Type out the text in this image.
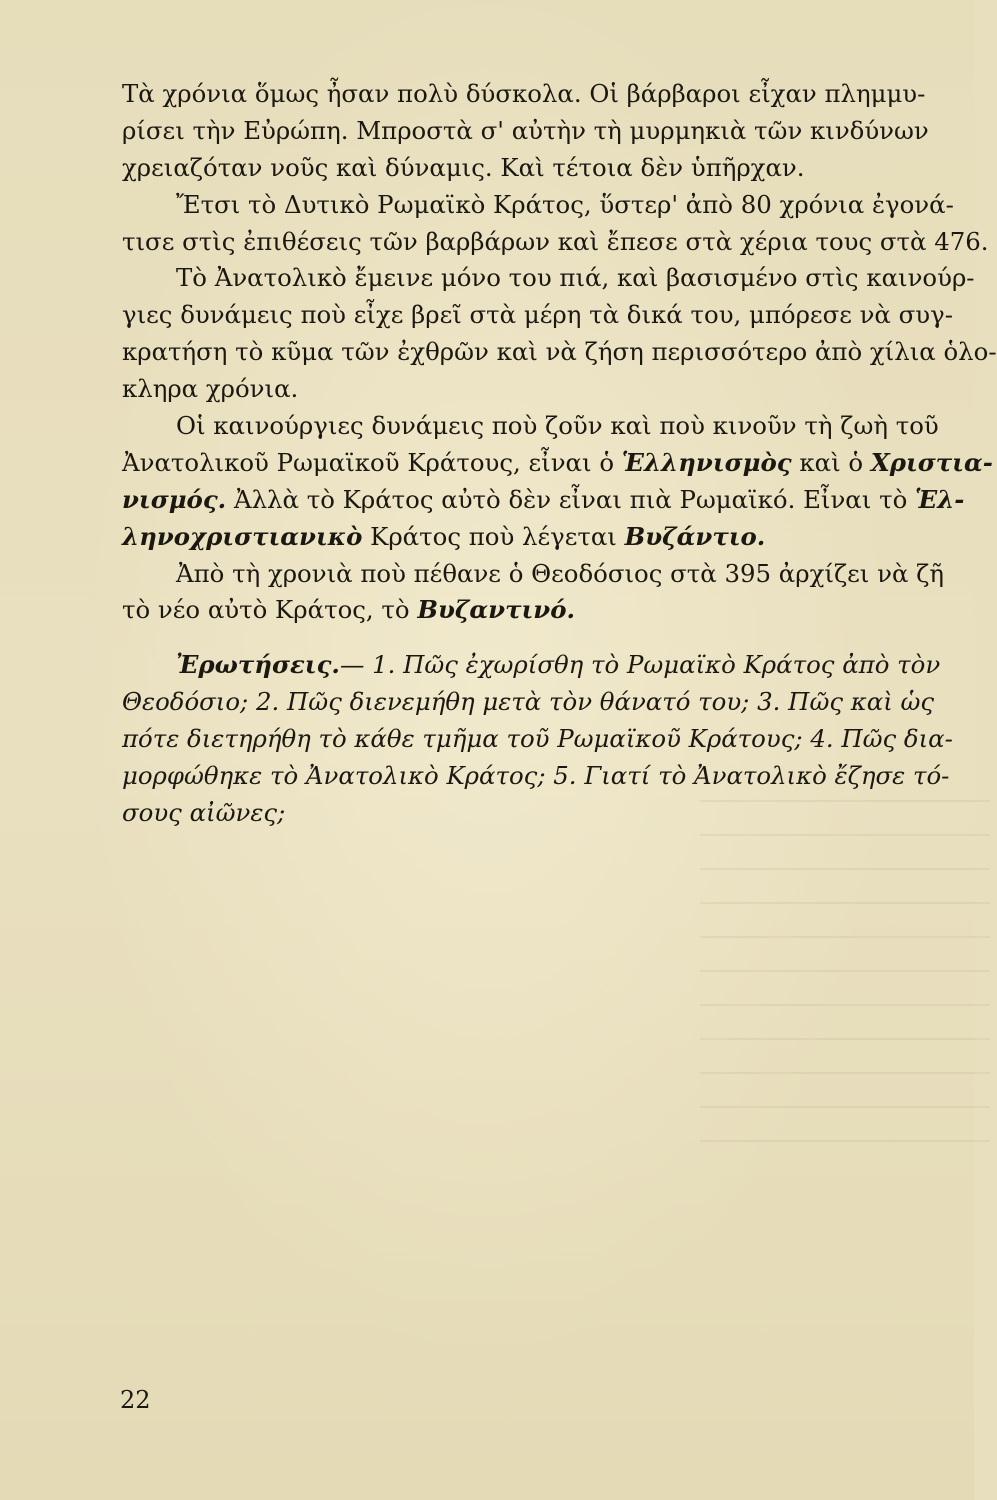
Τὰ χρόνια ὅμως ἦσαν πολὺ δύσκολα. Οἱ βάρβαροι εἶχαν πλημμυ-
ρίσει τὴν Εὐρώπη. Μπροστὰ σ' αὐτὴν τὴ μυρμηκιὰ τῶν κινδύνων
χρειαζόταν νοῦς καὶ δύναμις. Καὶ τέτοια δὲν ὑπῆρχαν.
Ἔτσι τὸ Δυτικὸ Ρωμαϊκὸ Κράτος, ὕστερ' ἀπὸ 80 χρόνια ἐγονά-
τισε στὶς ἐπιθέσεις τῶν βαρβάρων καὶ ἔπεσε στὰ χέρια τους στὰ 476.
Τὸ Ἀνατολικὸ ἔμεινε μόνο του πιά, καὶ βασισμένο στὶς καινούρ-
γιες δυνάμεις ποὺ εἶχε βρεῖ στὰ μέρη τὰ δικά του, μπόρεσε νὰ συγ-
κρατήση τὸ κῦμα τῶν ἐχθρῶν καὶ νὰ ζήση περισσότερο ἀπὸ χίλια ὁλο-
κληρα χρόνια.
Οἱ καινούργιες δυνάμεις ποὺ ζοῦν καὶ ποὺ κινοῦν τὴ ζωὴ τοῦ
Ἀνατολικοῦ Ρωμαϊκοῦ Κράτους, εἶναι ὁ Ἑλληνισμὸς καὶ ὁ Χριστια-
νισμός. Ἀλλὰ τὸ Κράτος αὐτὸ δὲν εἶναι πιὰ Ρωμαϊκό. Εἶναι τὸ Ἑλ-
ληνοχριστιανικὸ Κράτος ποὺ λέγεται Βυζάντιο.
Ἀπὸ τὴ χρονιὰ ποὺ πέθανε ὁ Θεοδόσιος στὰ 395 ἀρχίζει νὰ ζῆ
τὸ νέο αὐτὸ Κράτος, τὸ Βυζαντινό.
Ἐρωτήσεις.— 1. Πῶς ἐχωρίσθη τὸ Ρωμαϊκὸ Κράτος ἀπὸ τὸν
Θεοδόσιο; 2. Πῶς διενεμήθη μετὰ τὸν θάνατό του; 3. Πῶς καὶ ὡς
πότε διετηρήθη τὸ κάθε τμῆμα τοῦ Ρωμαϊκοῦ Κράτους; 4. Πῶς δια-
μορφώθηκε τὸ Ἀνατολικὸ Κράτος; 5. Γιατί τὸ Ἀνατολικὸ ἔζησε τό-
σους αἰῶνες;
22
